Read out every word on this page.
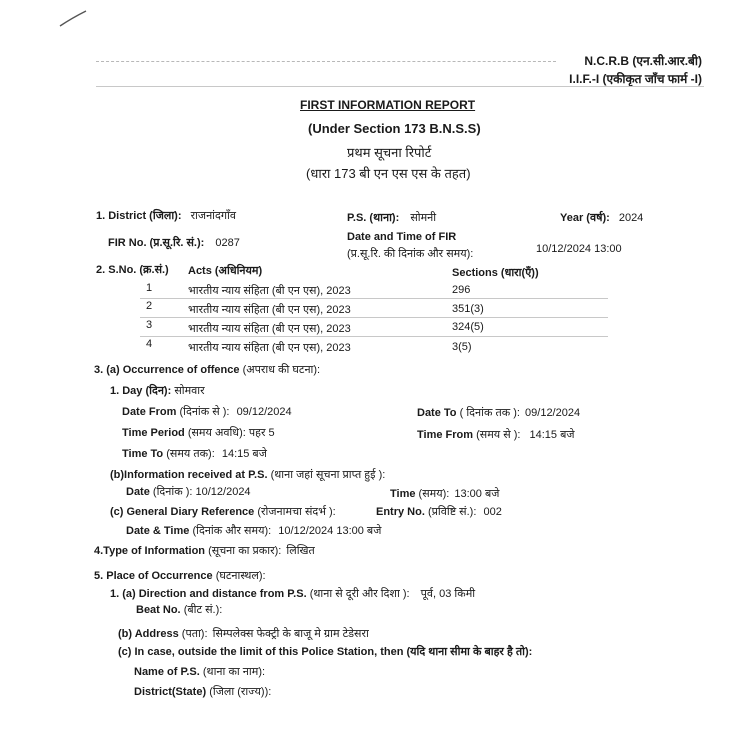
N.C.R.B (एन.सी.आर.बी)
I.I.F.-I (एकीकृत जाँच फार्म -I)
FIRST INFORMATION REPORT
(Under Section 173 B.N.S.S)
प्रथम सूचना रिपोर्ट
(धारा 173 बी एन एस एस के तहत)
1. District (जिला): राजनांदगाँव	P.S. (थाना): सोमनी	Year (वर्ष): 2024
FIR No. (प्र.सू.रि. सं.): 0287	Date and Time of FIR
(प्र.सू.रि. की दिनांक और समय):	10/12/2024 13:00
2. S.No. (क्र.सं.) Acts (अधिनियम)	Sections (धारा(एँ))
1	भारतीय न्याय संहिता (बी एन एस), 2023	296
2	भारतीय न्याय संहिता (बी एन एस), 2023	351(3)
3	भारतीय न्याय संहिता (बी एन एस), 2023	324(5)
4	भारतीय न्याय संहिता (बी एन एस), 2023	3(5)
3. (a) Occurrence of offence (अपराध की घटना):
1. Day (दिन): सोमवार
Date From (दिनांक से ): 09/12/2024	Date To ( दिनांक तक ): 09/12/2024
Time Period (समय अवधि): पहर 5	Time From (समय से ): 14:15 बजे
Time To (समय तक): 14:15 बजे
(b)Information received at P.S. (थाना जहां सूचना प्राप्त हुई ):
Date (दिनांक ): 10/12/2024	Time (समय): 13:00 बजे
(c) General Diary Reference (रोजनामचा संदर्भ ):	Entry No. (प्रविष्टि सं.): 002
Date & Time (दिनांक और समय): 10/12/2024 13:00 बजे
4.Type of Information (सूचना का प्रकार): लिखित
5. Place of Occurrence (घटनास्थल):
1. (a) Direction and distance from P.S. (थाना से दूरी और दिशा ): पूर्व, 03 किमी
Beat No. (बीट सं.):
(b) Address (पता): सिम्पलेक्स फेक्ट्री के बाजू मे ग्राम टेडेसरा
(c) In case, outside the limit of this Police Station, then (यदि थाना सीमा के बाहर है तो):
Name of P.S. (थाना का नाम):
District(State) (जिला (राज्य)):
